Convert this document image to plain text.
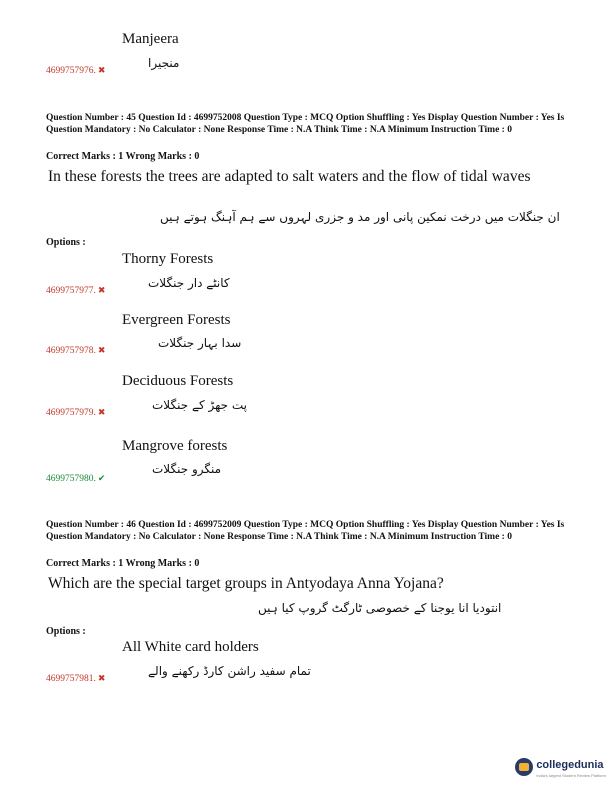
Manjeera
منجیرا
4699757976. ✖
Question Number : 45 Question Id : 4699752008 Question Type : MCQ Option Shuffling : Yes Display Question Number : Yes Is Question Mandatory : No Calculator : None Response Time : N.A Think Time : N.A Minimum Instruction Time : 0
Correct Marks : 1 Wrong Marks : 0
In these forests the trees are adapted to salt waters and the flow of tidal waves
ان جنگلات میں درخت نمکین پانی اور مد و جزری لہروں سے ہم آہنگ ہوتے ہیں
Options :
Thorny Forests
کانٹے دار جنگلات
4699757977. ✖
Evergreen Forests
سدا بہار جنگلات
4699757978. ✖
Deciduous Forests
پت جھڑ کے جنگلات
4699757979. ✖
Mangrove forests
منگرو جنگلات
4699757980. ✔
Question Number : 46 Question Id : 4699752009 Question Type : MCQ Option Shuffling : Yes Display Question Number : Yes Is Question Mandatory : No Calculator : None Response Time : N.A Think Time : N.A Minimum Instruction Time : 0
Correct Marks : 1 Wrong Marks : 0
Which are the special target groups in Antyodaya Anna Yojana?
انتودیا انا یوجنا کے خصوصی ٹارگٹ گروپ کیا ہیں
Options :
All White card holders
تمام سفید راشن کارڈ رکھنے والے
4699757981. ✖
collegedunia
India's largest Student Review Platform
